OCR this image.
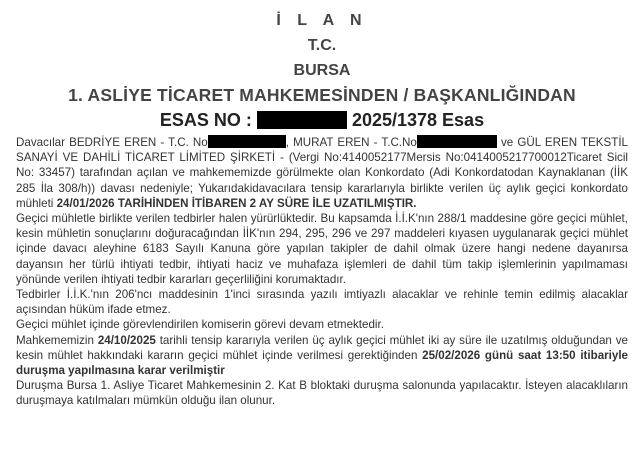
İ L A N
T.C.
BURSA
1. ASLİYE TİCARET MAHKEMESİNDEN / BAŞKANLIĞINDAN
ESAS NO :	2025/1378 Esas

Davacılar BEDRİYE EREN - T.C. No	, MURAT EREN - T.C.No	ve GÜL EREN TEKSTİL SANAYİ VE DAHİLİ TİCARET LİMİTED ŞİRKETİ - (Vergi No:4140052177Mersis No:0414005217700012Ticaret Sicil No: 33457) tarafından açılan ve mahkememizde görülmekte olan Konkordato (Adi Konkordatodan Kaynaklanan (İİK 285 İla 308/h)) davası nedeniyle; Yukarıdakidavacılara tensip kararlarıyla birlikte verilen üç aylık geçici konkordato mühleti 24/01/2026 TARİHİNDEN İTİBAREN 2 AY SÜRE İLE UZATILMIŞTIR.

Geçici mühletle birlikte verilen tedbirler halen yürürlüktedir. Bu kapsamda İ.İ.K'nın 288/1 maddesine göre geçici mühlet, kesin mühletin sonuçlarını doğuracağından İİK'nın 294, 295, 296 ve 297 maddeleri kıyasen uygulanarak geçici mühlet içinde davacı aleyhine 6183 Sayılı Kanuna göre yapılan takipler de dahil olmak üzere hangi nedene dayanırsa dayansın her türlü ihtiyati tedbir, ihtiyati haciz ve muhafaza işlemleri de dahil tüm takip işlemlerinin yapılmaması yönünde verilen ihtiyati tedbir kararları geçerliliğini korumaktadır.

Tedbirler İ.İ.K.'nın 206'ncı maddesinin 1'inci sırasında yazılı imtiyazlı alacaklar ve rehinle temin edilmiş alacaklar açısından hüküm ifade etmez.

Geçici mühlet içinde görevlendirilen komiserin görevi devam etmektedir.

Mahkememizin 24/10/2025 tarihli tensip kararıyla verilen üç aylık geçici mühlet iki ay süre ile uzatılmış olduğundan ve kesin mühlet hakkındaki kararın geçici mühlet içinde verilmesi gerektiğinden 25/02/2026 günü saat 13:50 itibariyle duruşma yapılmasına karar verilmiştir

Duruşma Bursa 1. Asliye Ticaret Mahkemesinin 2. Kat B bloktaki duruşma salonunda yapılacaktır. İsteyen alacaklıların duruşmaya katılmaları mümkün olduğu ilan olunur.
